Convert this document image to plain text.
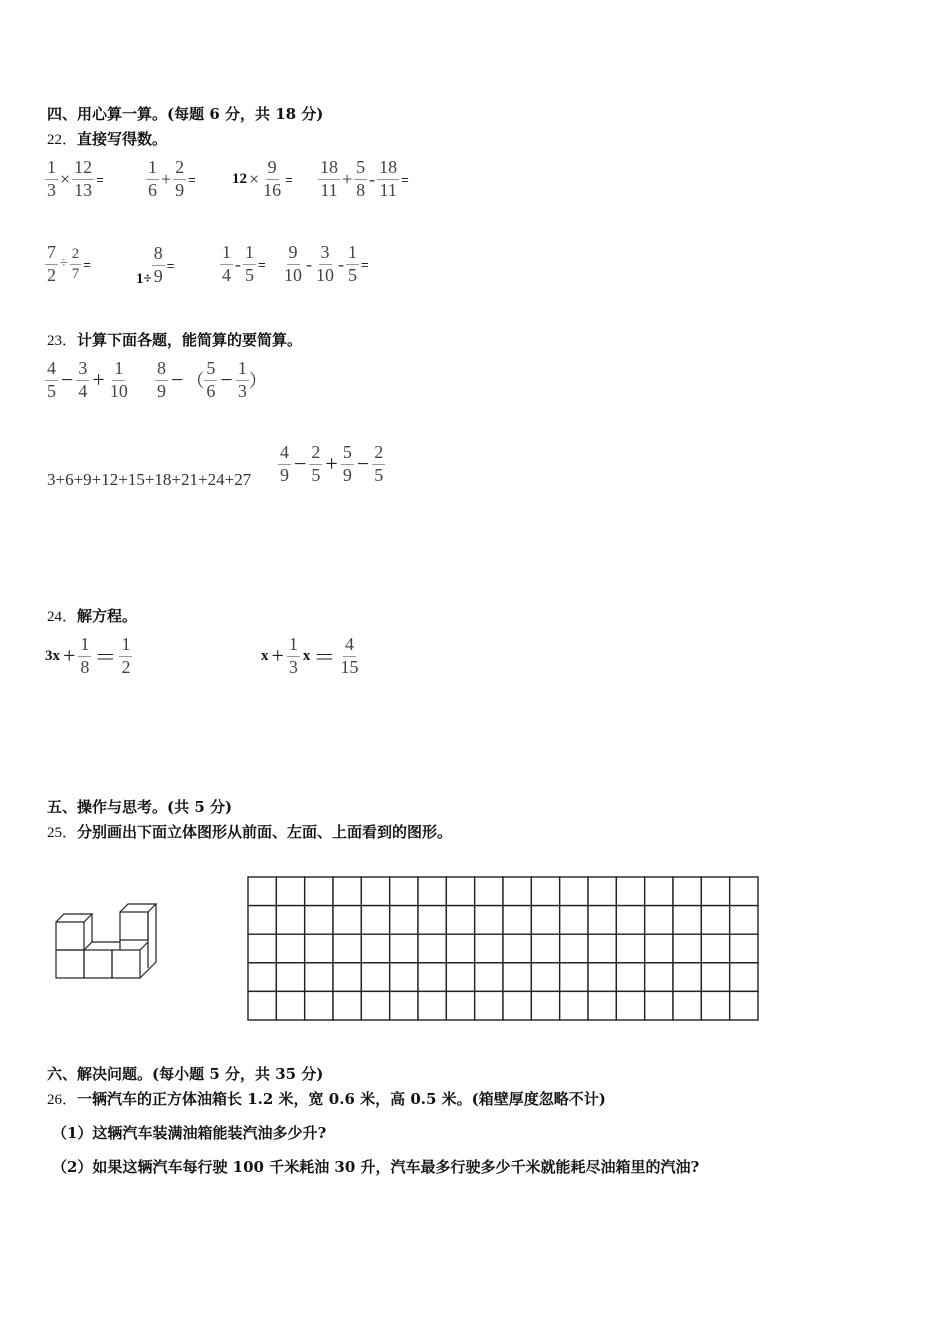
四、用心算一算。(每题 6 分，共 18 分)
22．直接写得数。
$\frac{1}{3} \times \frac{12}{13} = \frac{1}{6} + \frac{2}{9} = 12 \times \frac{9}{16} = \frac{18}{11} + \frac{5}{8} - \frac{18}{11}$ =
$\frac{7}{2} \div \frac{2}{7}$ =
$1\div \frac{8}{9}$ =	$\frac{1}{4} - \frac{1}{5} = \frac{9}{10} - \frac{3}{10} - \frac{1}{5}$ =
23．计算下面各题，能简算的要简算。
$\frac{4}{5} - \frac{3}{4} + \frac{1}{10} \frac{8}{9}$ − （ $\frac{5}{6} - \frac{1}{3}$ ）
$3+6+9+12+15+18+21+24+27 \frac{4}{9} - \frac{2}{5} + \frac{5}{9} - \frac{2}{5}$
24．解方程。
$3x + \frac{1}{8} = \frac{1}{2}$	$x + \frac{1}{3}$ $x = \frac{4}{15}$
五、操作与思考。(共 5 分)
25．分别画出下面立体图形从前面、左面、上面看到的图形。
六、解决问题。(每小题 5 分，共 35 分)
26．一辆汽车的正方体油箱长 1.2 米，宽 0.6 米，高 0.5 米。(箱壁厚度忽略不计)
（1）这辆汽车装满油箱能装汽油多少升?
（2）如果这辆汽车每行驶 100 千米耗油 30 升，汽车最多行驶多少千米就能耗尽油箱里的汽油?
